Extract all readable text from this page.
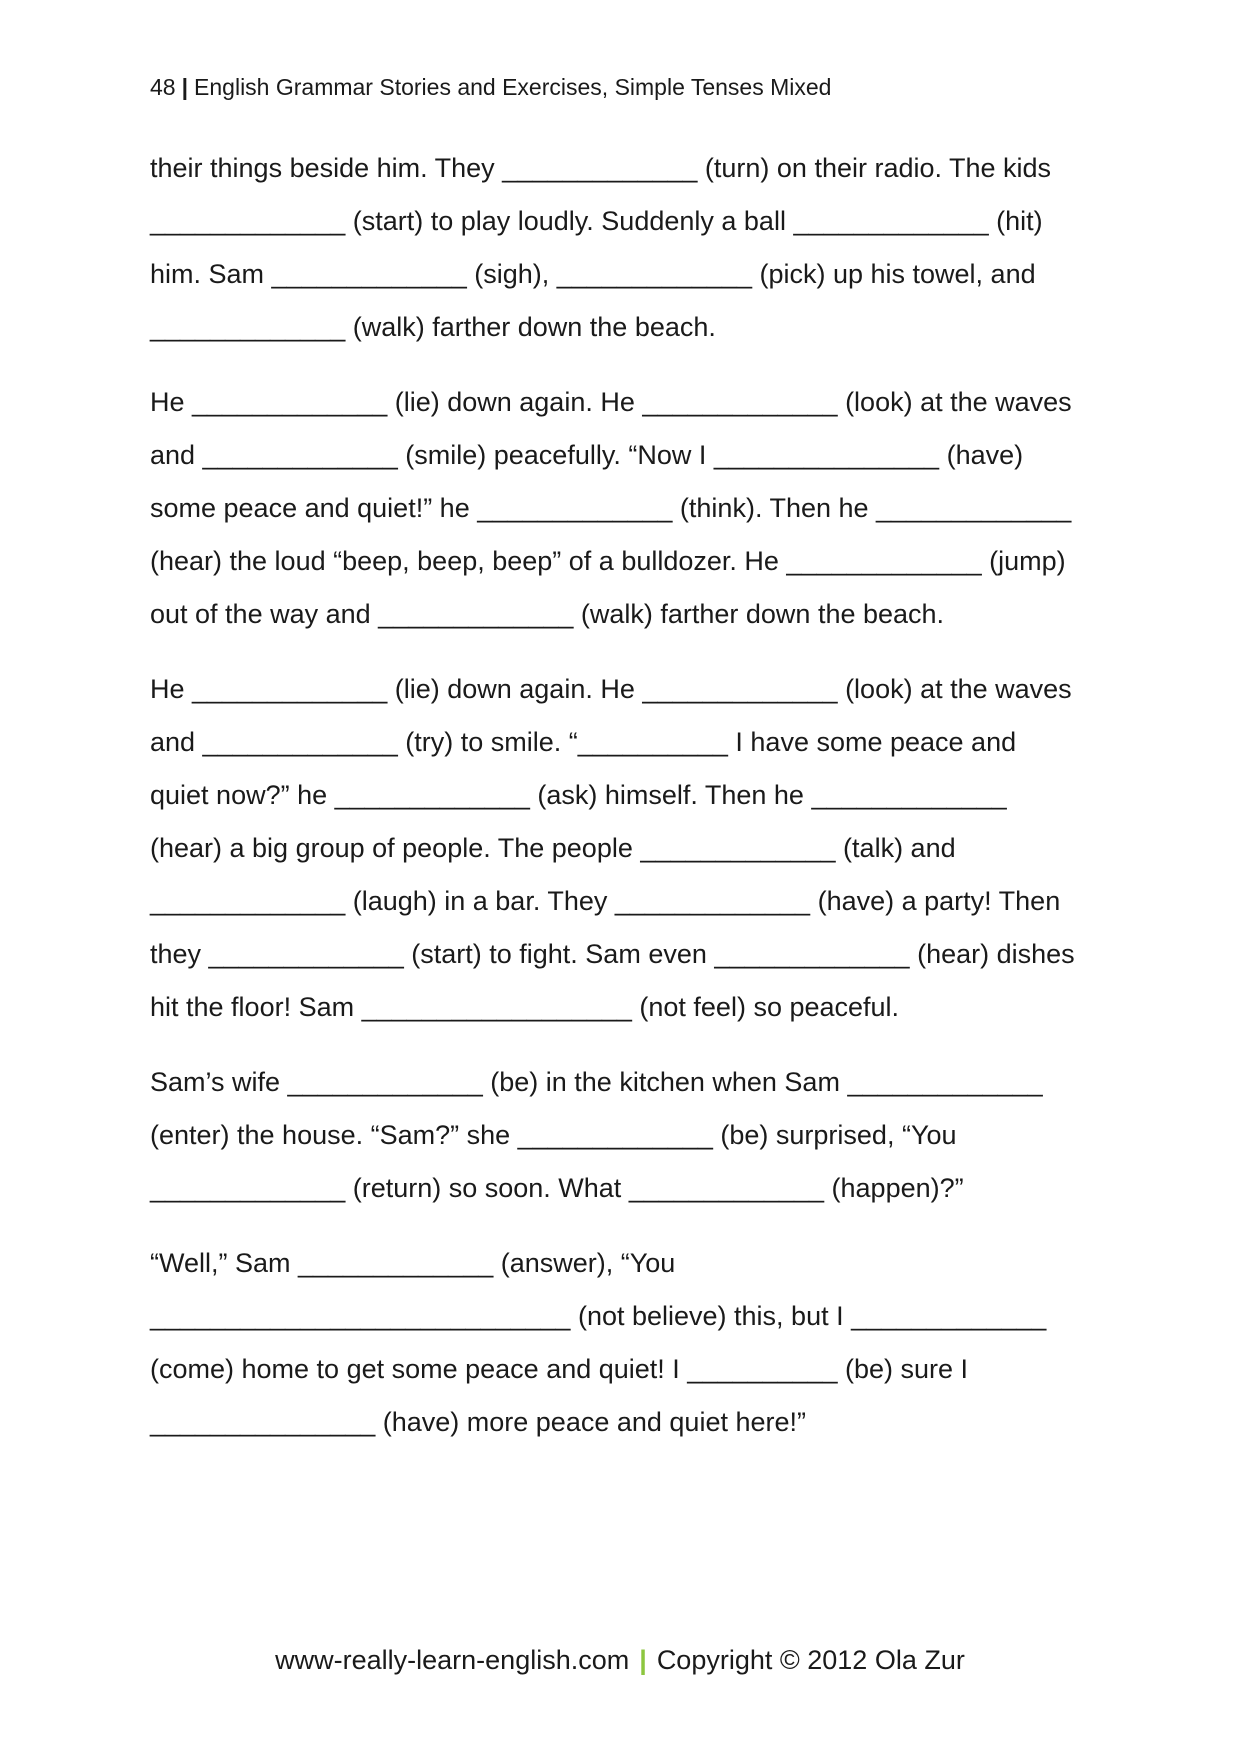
48 | English Grammar Stories and Exercises, Simple Tenses Mixed
their things beside him. They _____________ (turn) on their radio. The kids
_____________ (start) to play loudly. Suddenly a ball _____________ (hit)
him. Sam _____________ (sigh), _____________ (pick) up his towel, and
_____________ (walk) farther down the beach.
He _____________ (lie) down again. He _____________ (look) at the waves
and _____________ (smile) peacefully. “Now I _______________ (have)
some peace and quiet!” he _____________ (think). Then he _____________
(hear) the loud “beep, beep, beep” of a bulldozer. He _____________ (jump)
out of the way and _____________ (walk) farther down the beach.
He _____________ (lie) down again. He _____________ (look) at the waves
and _____________ (try) to smile. “__________ I have some peace and
quiet now?” he _____________ (ask) himself. Then he _____________
(hear) a big group of people. The people _____________ (talk) and
_____________ (laugh) in a bar. They _____________ (have) a party! Then
they _____________ (start) to fight. Sam even _____________ (hear) dishes
hit the floor! Sam __________________ (not feel) so peaceful.
Sam’s wife _____________ (be) in the kitchen when Sam _____________
(enter) the house. “Sam?” she _____________ (be) surprised, “You
_____________ (return) so soon. What _____________ (happen)?”
“Well,” Sam _____________ (answer), “You
____________________________ (not believe) this, but I _____________
(come) home to get some peace and quiet! I __________ (be) sure I
_______________ (have) more peace and quiet here!”
www-really-learn-english.com | Copyright © 2012 Ola Zur
